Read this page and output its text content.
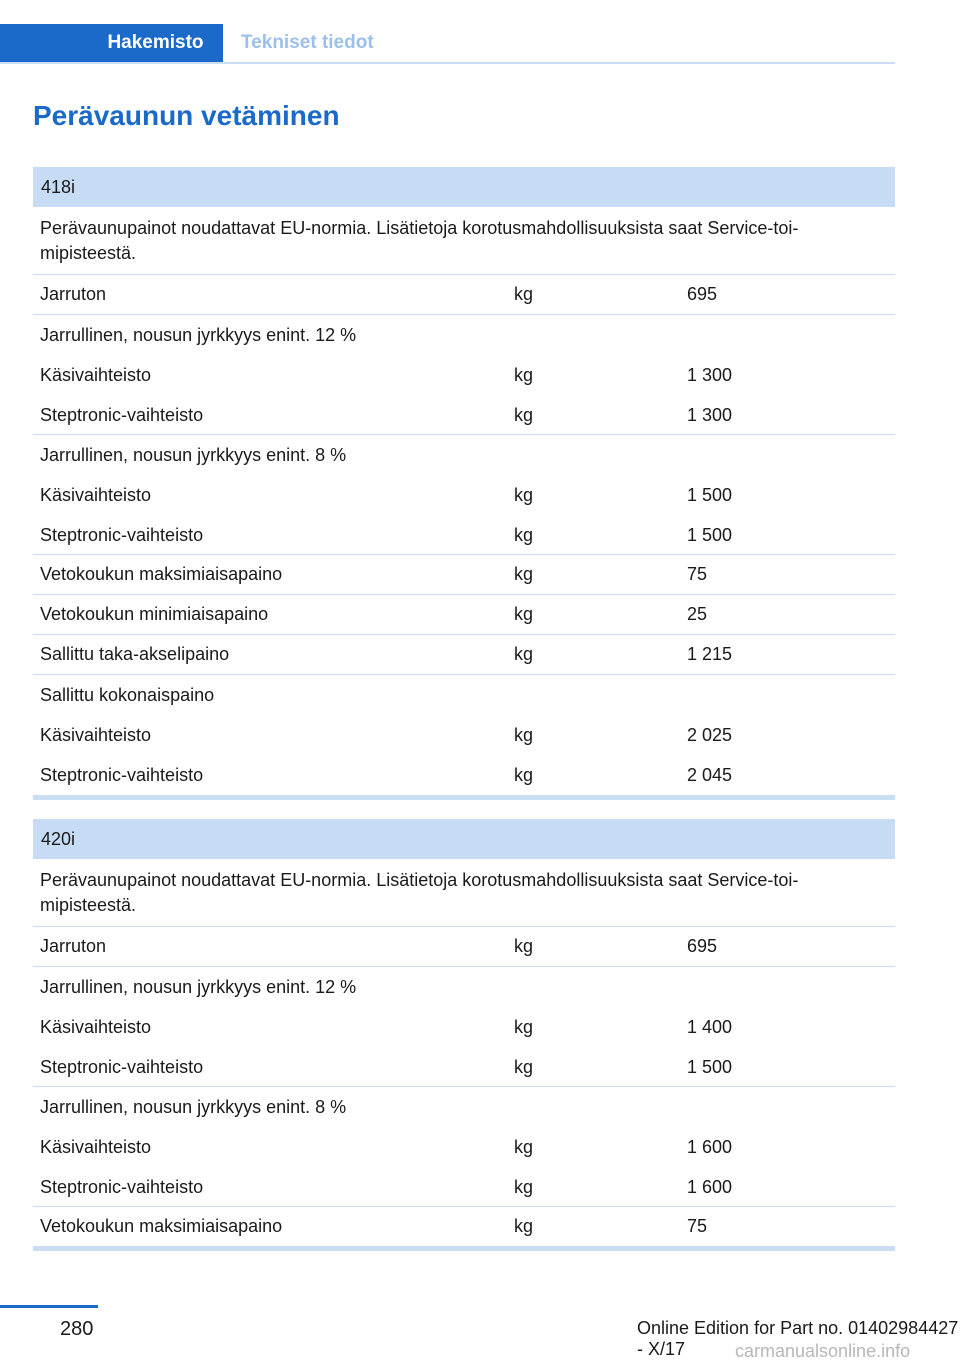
Hakemisto	Tekniset tiedot
Perävaunun vetäminen
418i
Perävaunupainot noudattavat EU-normia. Lisätietoja korotusmahdollisuuksista saat Service-toi-mipisteestä.
Jarruton	kg	695
Jarrullinen, nousun jyrkkyys enint. 12 %
Käsivaihteisto	kg	1 300
Steptronic-vaihteisto	kg	1 300
Jarrullinen, nousun jyrkkyys enint. 8 %
Käsivaihteisto	kg	1 500
Steptronic-vaihteisto	kg	1 500
Vetokoukun maksimiaisapaino	kg	75
Vetokoukun minimiaisapaino	kg	25
Sallittu taka-akselipaino	kg	1 215
Sallittu kokonaispaino
Käsivaihteisto	kg	2 025
Steptronic-vaihteisto	kg	2 045
420i
Perävaunupainot noudattavat EU-normia. Lisätietoja korotusmahdollisuuksista saat Service-toi-mipisteestä.
Jarruton	kg	695
Jarrullinen, nousun jyrkkyys enint. 12 %
Käsivaihteisto	kg	1 400
Steptronic-vaihteisto	kg	1 500
Jarrullinen, nousun jyrkkyys enint. 8 %
Käsivaihteisto	kg	1 600
Steptronic-vaihteisto	kg	1 600
Vetokoukun maksimiaisapaino	kg	75
280	Online Edition for Part no. 01402984427 - X/17	carmanualsonline.info
